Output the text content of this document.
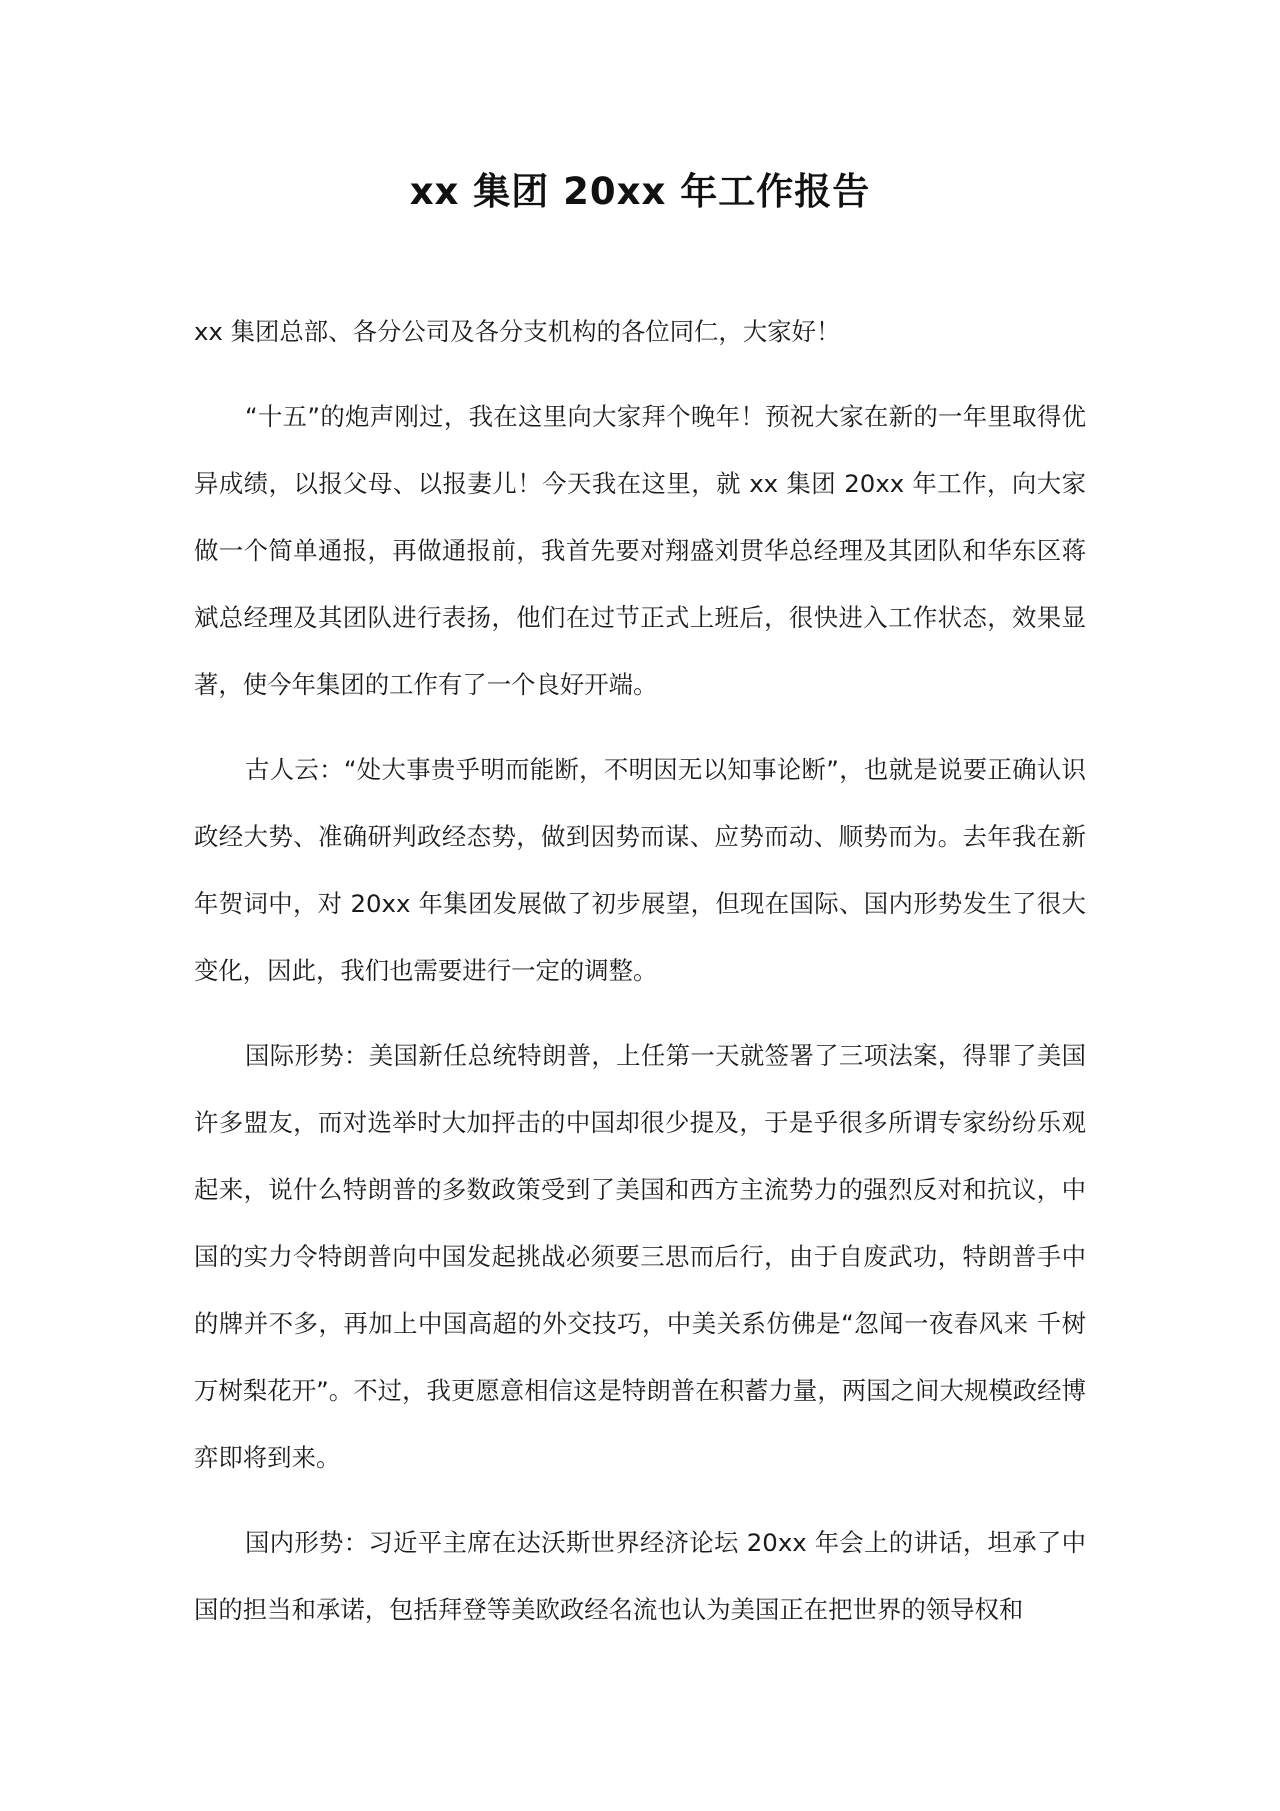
xx 集团 20xx 年工作报告

xx 集团总部、各分公司及各分支机构的各位同仁，大家好！

“十五”的炮声刚过，我在这里向大家拜个晚年！预祝大家在新的一年里取得优异成绩，以报父母、以报妻儿！今天我在这里，就 xx 集团 20xx 年工作，向大家做一个简单通报，再做通报前，我首先要对翔盛刘贯华总经理及其团队和华东区蒋斌总经理及其团队进行表扬，他们在过节正式上班后，很快进入工作状态，效果显著，使今年集团的工作有了一个良好开端。

古人云：“处大事贵乎明而能断，不明因无以知事论断”，也就是说要正确认识政经大势、准确研判政经态势，做到因势而谋、应势而动、顺势而为。去年我在新年贺词中，对 20xx 年集团发展做了初步展望，但现在国际、国内形势发生了很大变化，因此，我们也需要进行一定的调整。

国际形势：美国新任总统特朗普，上任第一天就签署了三项法案，得罪了美国许多盟友，而对选举时大加抨击的中国却很少提及，于是乎很多所谓专家纷纷乐观起来，说什么特朗普的多数政策受到了美国和西方主流势力的强烈反对和抗议，中国的实力令特朗普向中国发起挑战必须要三思而后行，由于自废武功，特朗普手中的牌并不多，再加上中国高超的外交技巧，中美关系仿佛是“忽闻一夜春风来 千树万树梨花开”。不过，我更愿意相信这是特朗普在积蓄力量，两国之间大规模政经博弈即将到来。

国内形势：习近平主席在达沃斯世界经济论坛 20xx 年会上的讲话，坦承了中国的担当和承诺，包括拜登等美欧政经名流也认为美国正在把世界的领导权和
